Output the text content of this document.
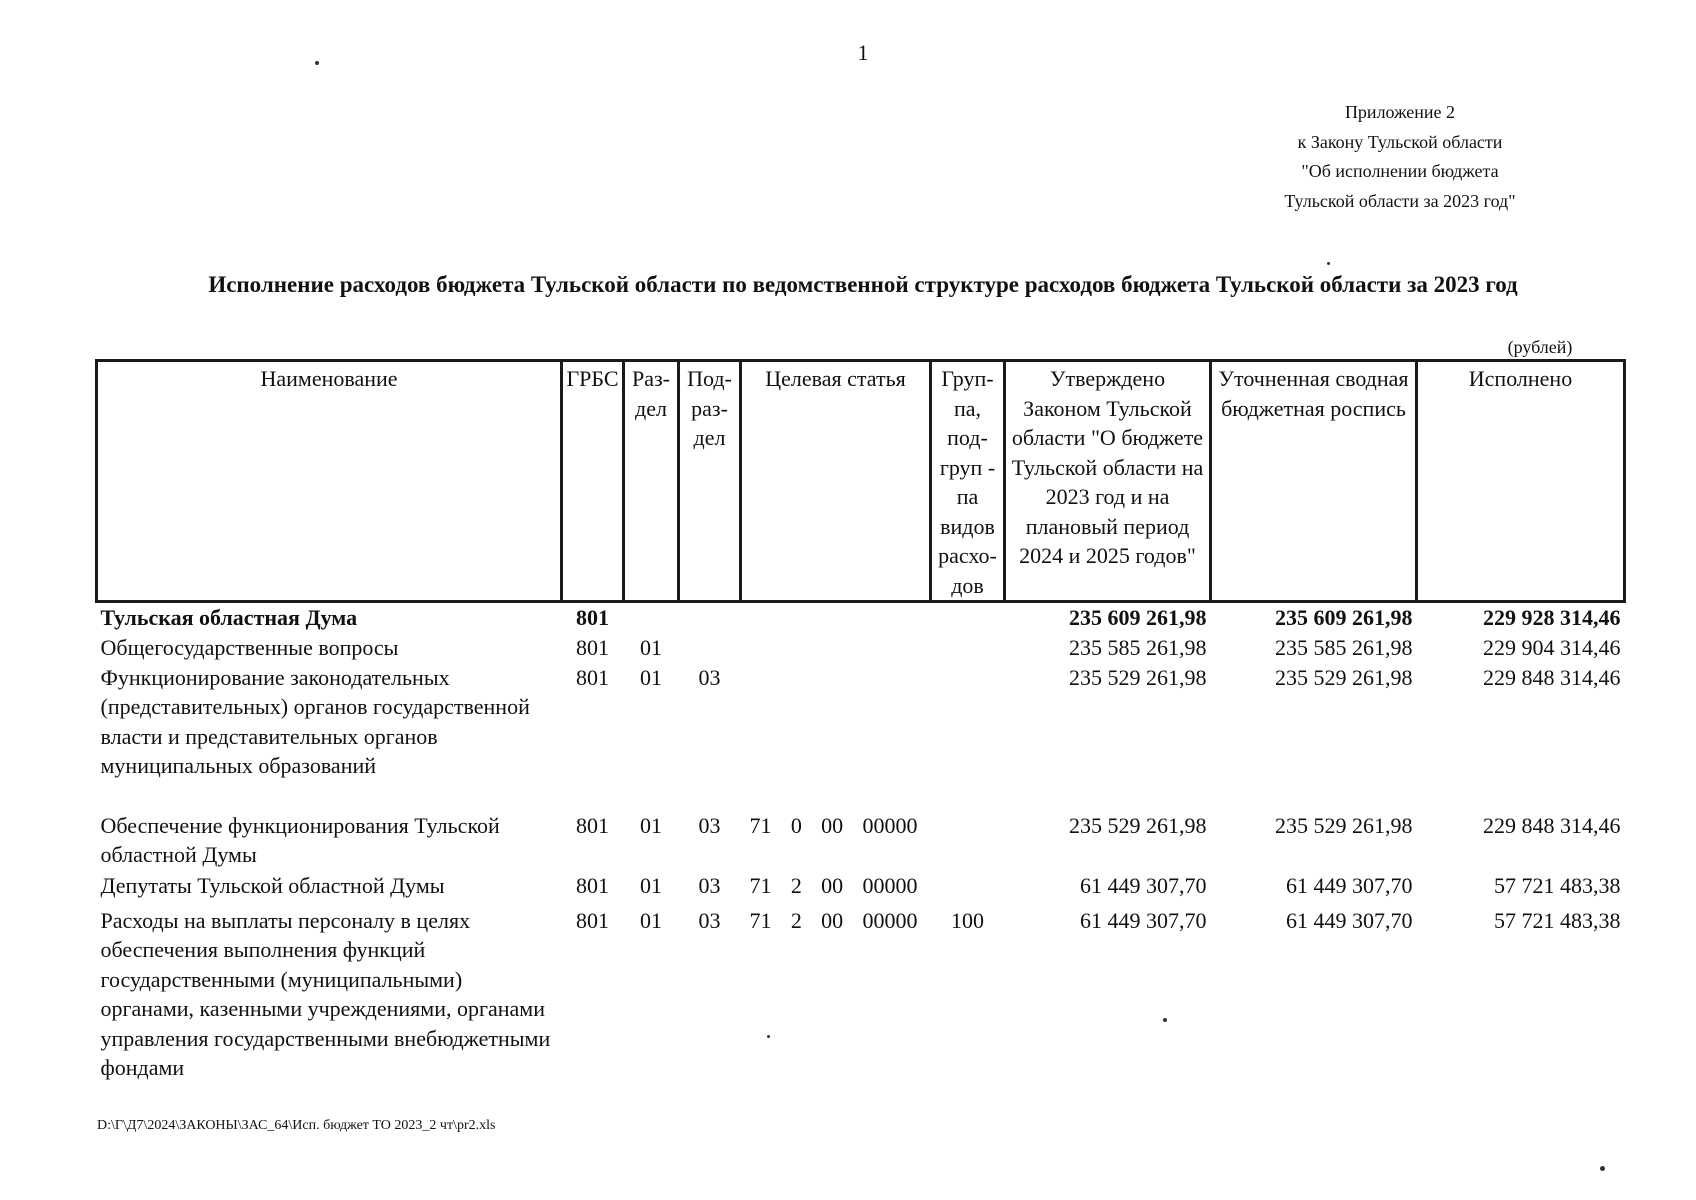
1
Приложение 2
к Закону Тульской области
"Об исполнении бюджета
Тульской области за 2023 год"
Исполнение расходов бюджета Тульской области по ведомственной структуре расходов бюджета Тульской области за 2023 год
(рублей)
Наименование	ГРБС	Раз-дел	Под-раз-дел	Целевая статья	Груп-па, под-груп - па видов расхо-дов	Утверждено Законом Тульской области "О бюджете Тульской области на 2023 год и на плановый период 2024 и 2025 годов"	Уточненная сводная бюджетная роспись	Исполнено
Тульская областная Дума	801					235 609 261,98	235 609 261,98	229 928 314,46
Общегосударственные вопросы	801	01				235 585 261,98	235 585 261,98	229 904 314,46
Функционирование законодательных (представительных) органов государственной власти и представительных органов муниципальных образований	801	01	03			235 529 261,98	235 529 261,98	229 848 314,46
Обеспечение функционирования Тульской областной Думы	801	01	03	71 0 00 00000		235 529 261,98	235 529 261,98	229 848 314,46
Депутаты Тульской областной Думы	801	01	03	71 2 00 00000		61 449 307,70	61 449 307,70	57 721 483,38
Расходы на выплаты персоналу в целях обеспечения выполнения функций государственными (муниципальными) органами, казенными учреждениями, органами управления государственными внебюджетными фондами	801	01	03	71 2 00 00000	100	61 449 307,70	61 449 307,70	57 721 483,38
D:\Г\Д7\2024\ЗАКОНЫ\ЗАС_64\Исп. бюджет ТО 2023_2 чт\pr2.xls
